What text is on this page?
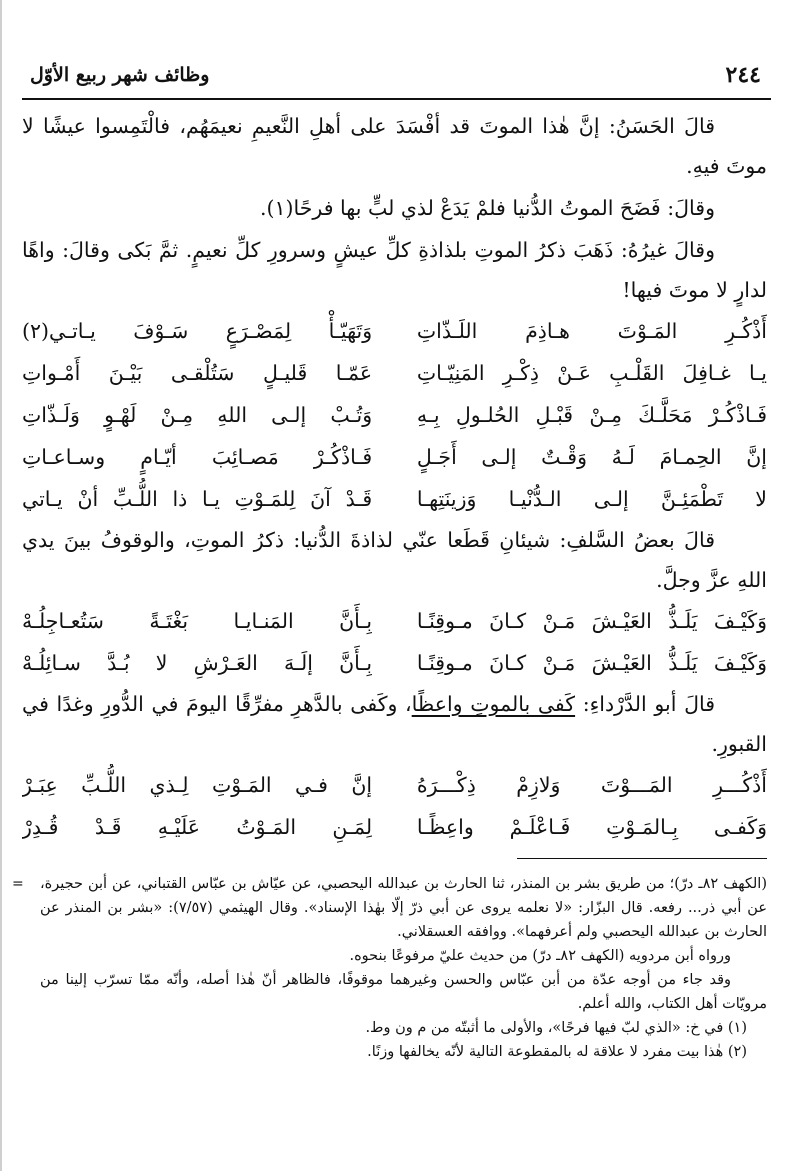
٢٤٤
وظائف شهر ربيع الأوّل

قالَ الحَسَنُ: إنَّ هٰذا الموتَ قد أفْسَدَ على أهلِ النَّعيمِ نعيمَهُم، فالْتَمِسوا عيشًا لا موتَ فيهِ.

وقالَ: فَضَحَ الموتُ الدُّنيا فلمْ يَدَعْ لذي لبٍّ بها فرحًا(١).

وقالَ غيرُهُ: ذَهَبَ ذكرُ الموتِ بلذاذةِ كلِّ عيشٍ وسرورِ كلِّ نعيمٍ. ثمَّ بَكى وقالَ: واهًا لدارٍ لا موتَ فيها!

أَذْكُـرِ المَـوْتَ هـاذِمَ اللَـذّاتِ
وَتَهَيّـأْ لِمَصْـرَعٍ سَـوْفَ يـاتـي(٢)
يـا غـافِلَ القَلْـبِ عَـنْ ذِكْـرِ المَنِيّـاتِ
عَمّـا قَليـلٍ سَتُلْقـى بَيْـنَ أَمْـواتِ
فَـاذْكُـرْ مَحَلَّـكَ مِـنْ قَبْـلِ الحُلـولِ بِـهِ
وَتُـبْ إلـى اللهِ مِـنْ لَهْـوٍ وَلَـذّاتِ
إنَّ الحِمـامَ لَـهُ وَقْـتٌ إلـى أَجَـلٍ
فَـاذْكُـرْ مَصـائِبَ أيّـامٍ وسـاعـاتِ
لا تَطْمَئِـنَّ إلـى الـدُّنْيـا وَزينَتِهـا
قَـدْ آنَ لِلمَـوْتِ يـا ذا اللُّـبِّ أنْ يـاتي

قالَ بعضُ السَّلفِ: شيئانِ قَطَعا عنّي لذاذةَ الدُّنيا: ذكرُ الموتِ، والوقوفُ بينَ يدي اللهِ عزَّ وجلَّ.

وَكَيْـفَ يَلَـذُّ العَيْـشَ مَـنْ كـانَ مـوقِنًـا
بِـأَنَّ المَنـايـا بَغْتَـةً سَتُعـاجِلُـهْ
وَكَيْـفَ يَلَـذُّ العَيْـشَ مَـنْ كـانَ مـوقِنًـا
بِـأَنَّ إلَـهَ العَـرْشِ لا بُـدَّ سـائِلُـهْ

قالَ أبو الدَّرْداءِ: كَفى بالموتِ واعظًا، وكَفى بالدَّهرِ مفرِّقًا اليومَ في الدُّورِ وغدًا في القبورِ.

أَذْكُـــرِ المَـــوْتَ وَلازِمْ ذِكْـــرَهُ
إنَّ فـي المَـوْتِ لِـذي اللُّـبِّ عِبَـرْ
وَكَفـى بِـالمَـوْتِ فَـاعْلَـمْ واعِظًـا
لِمَـنِ المَـوْتُ عَلَيْـهِ قَـدْ قُـدِرْ
= (الكهف ٨٢ـ درّ)؛ من طريق بشر بن المنذر، ثنا الحارث بن عبدالله اليحصبي، عن عيّاش بن عبّاس القتباني، عن أبن حجيرة، عن أبي ذر... رفعه. قال البزّار: «لا نعلمه يروى عن أبي ذرّ إلّا بهٰذا الإسناد». وقال الهيثمي (٧/٥٧): «بشر بن المنذر عن الحارث بن عبدالله اليحصبي ولم أعرفهما». ووافقه العسقلاني.

ورواه أبن مردويه (الكهف ٨٢ـ درّ) من حديث عليّ مرفوعًا بنحوه.

وقد جاء من أوجه عدّة من أبن عبّاس والحسن وغيرهما موقوفًا، فالظاهر أنّ هٰذا أصله، وأنّه ممّا تسرّب إلينا من مرويّات أهل الكتاب، والله أعلم.

(١) في خ: «الذي لبّ فيها فرحًا»، والأولى ما أثبتّه من م ون وط.

(٢) هٰذا بيت مفرد لا علاقة له بالمقطوعة التالية لأنّه يخالفها وزنًا.
